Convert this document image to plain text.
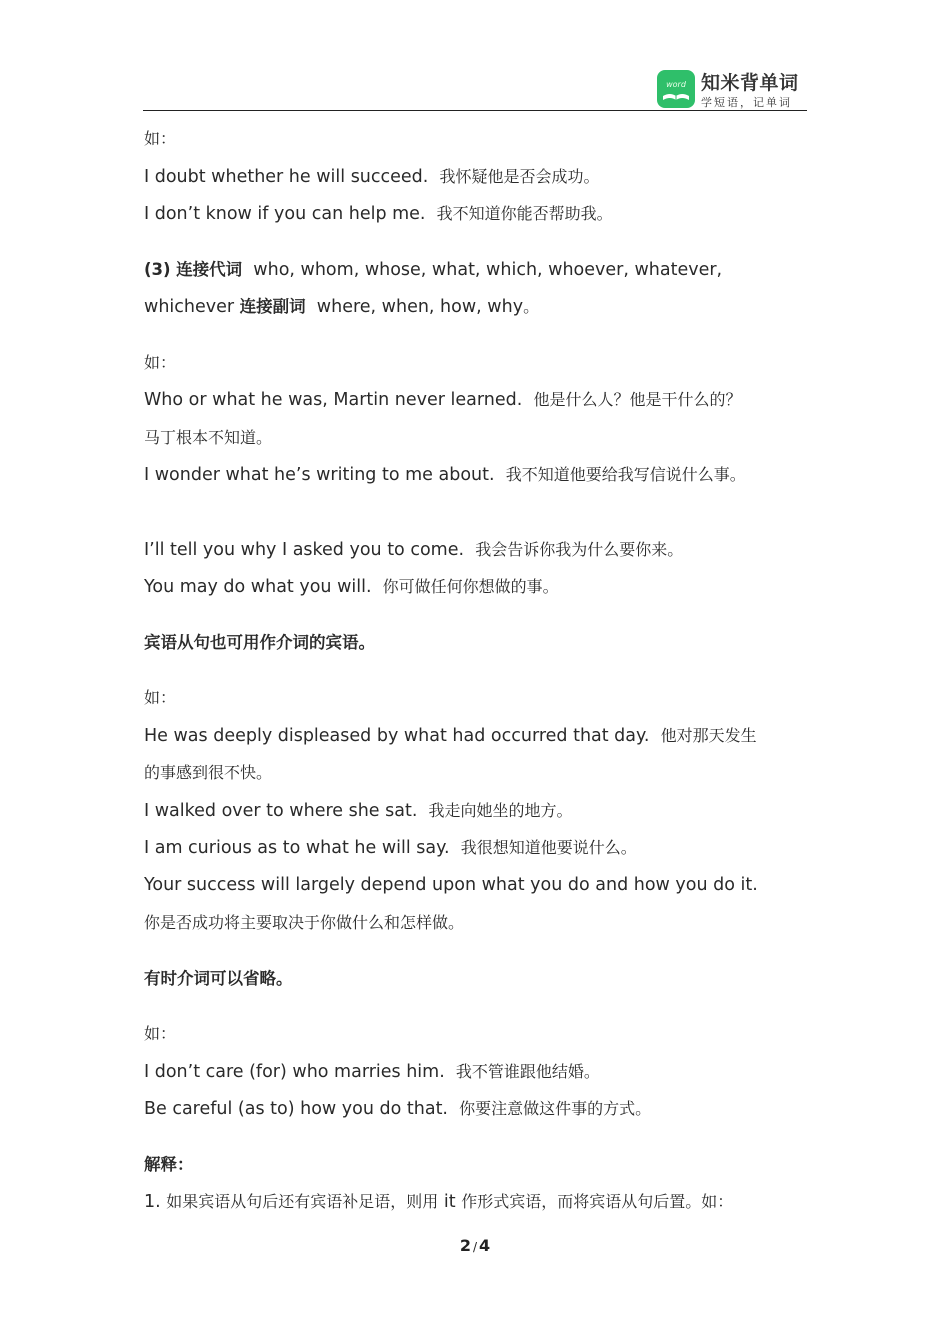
word 知米背单词
学短语，记单词
如：
I doubt whether he will succeed. 我怀疑他是否会成功。
I don’t know if you can help me. 我不知道你能否帮助我。
(3) 连接代词 who, whom, whose, what, which, whoever, whatever,
whichever 连接副词 where, when, how, why。
如：
Who or what he was, Martin never learned. 他是什么人？他是干什么的？
马丁根本不知道。
I wonder what he’s writing to me about. 我不知道他要给我写信说什么事。
I’ll tell you why I asked you to come. 我会告诉你我为什么要你来。
You may do what you will. 你可做任何你想做的事。
宾语从句也可用作介词的宾语。
如：
He was deeply displeased by what had occurred that day. 他对那天发生
的事感到很不快。
I walked over to where she sat. 我走向她坐的地方。
I am curious as to what he will say. 我很想知道他要说什么。
Your success will largely depend upon what you do and how you do it.
你是否成功将主要取决于你做什么和怎样做。
有时介词可以省略。
如：
I don’t care (for) who marries him. 我不管谁跟他结婚。
Be careful (as to) how you do that. 你要注意做这件事的方式。
解释：
1. 如果宾语从句后还有宾语补足语，则用 it 作形式宾语，而将宾语从句后置。如：
2 / 4
